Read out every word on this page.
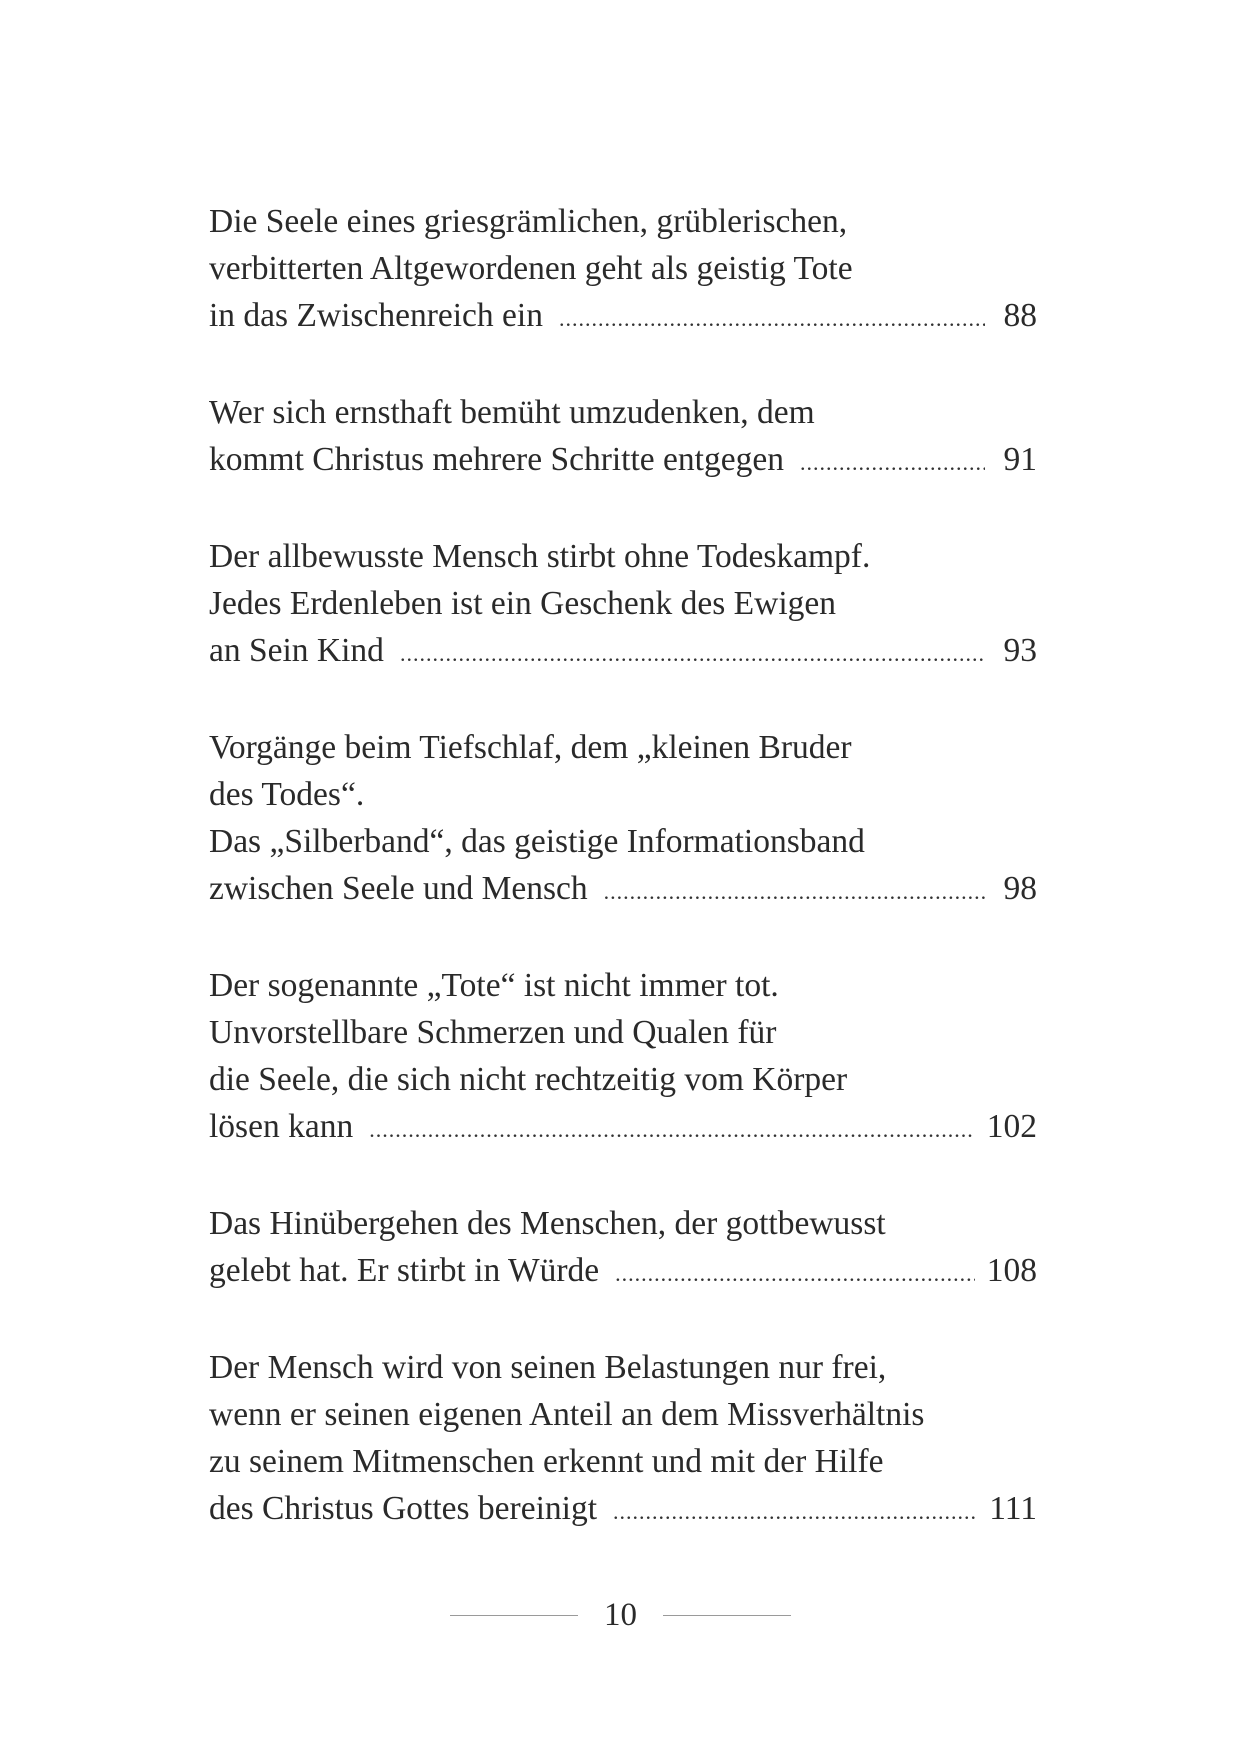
Die Seele eines griesgrämlichen, grüblerischen,
verbitterten Altgewordenen geht als geistig Tote
in das Zwischenreich ein .....	88
Wer sich ernsthaft bemüht umzudenken, dem
kommt Christus mehrere Schritte entgegen .....	91
Der allbewusste Mensch stirbt ohne Todeskampf.
Jedes Erdenleben ist ein Geschenk des Ewigen
an Sein Kind .....	93
Vorgänge beim Tiefschlaf, dem „kleinen Bruder
des Todes“.
Das „Silberband“, das geistige Informationsband
zwischen Seele und Mensch .....	98
Der sogenannte „Tote“ ist nicht immer tot.
Unvorstellbare Schmerzen und Qualen für
die Seele, die sich nicht rechtzeitig vom Körper
lösen kann .....	102
Das Hinübergehen des Menschen, der gottbewusst
gelebt hat. Er stirbt in Würde .....	108
Der Mensch wird von seinen Belastungen nur frei,
wenn er seinen eigenen Anteil an dem Missverhältnis
zu seinem Mitmenschen erkennt und mit der Hilfe
des Christus Gottes bereinigt .....	111
10
